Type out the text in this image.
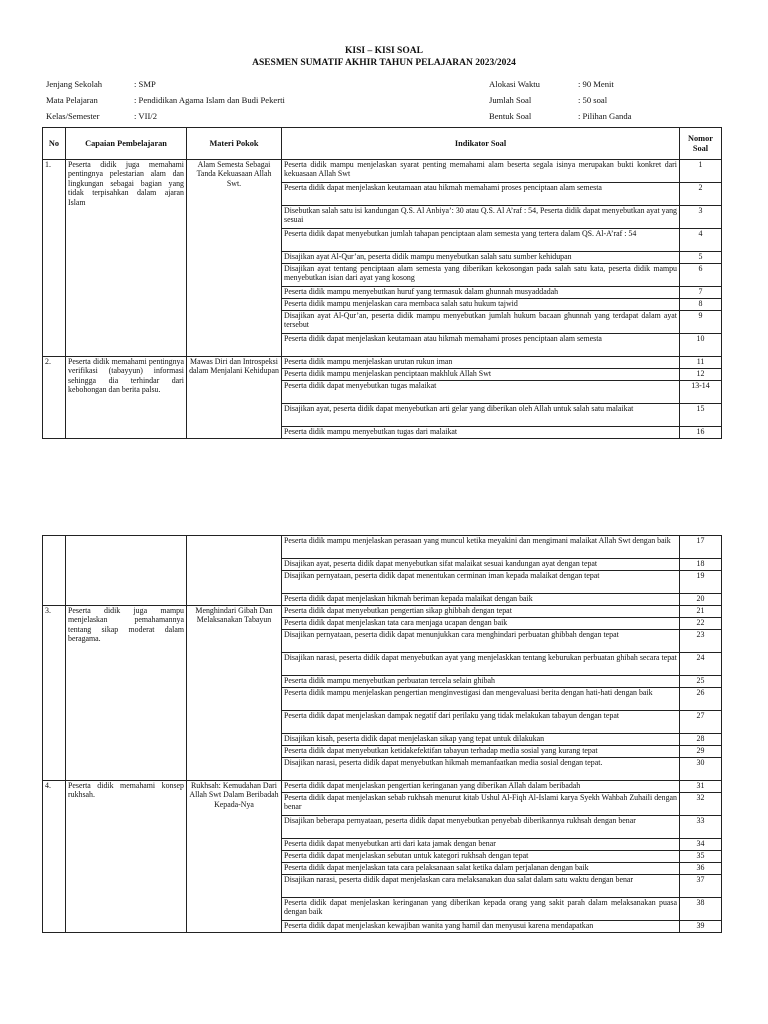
KISI – KISI SOAL
ASESMEN SUMATIF AKHIR TAHUN PELAJARAN 2023/2024
Jenjang Sekolah	: SMP
Mata Pelajaran	: Pendidikan Agama Islam dan Budi Pekerti
Kelas/Semester	: VII/2
Alokasi Waktu	: 90 Menit
Jumlah Soal	: 50 soal
Bentuk Soal	: Pilihan Ganda
No	Capaian Pembelajaran	Materi Pokok	Indikator Soal	Nomor Soal
1.	Peserta didik juga memahami pentingnya pelestarian alam dan lingkungan sebagai bagian yang tidak terpisahkan dalam ajaran Islam	Alam Semesta Sebagai Tanda Kekuasaan Allah Swt.	Peserta didik mampu menjelaskan syarat penting memahami alam beserta segala isinya merupakan bukti konkret dari kekuasaan Allah Swt	1
			Peserta didik dapat menjelaskan keutamaan atau hikmah memahami proses penciptaan alam semesta	2
			Disebutkan salah satu isi kandungan Q.S. Al Anbiya’: 30 atau Q.S. Al A’raf : 54, Peserta didik dapat menyebutkan ayat yang sesuai	3
			Peserta didik dapat menyebutkan jumlah tahapan penciptaan alam semesta yang tertera dalam QS. Al-A’raf : 54	4
			Disajikan ayat Al-Qur’an, peserta didik mampu menyebutkan salah satu sumber kehidupan	5
			Disajikan ayat tentang penciptaan alam semesta yang diberikan kekosongan pada salah satu kata, peserta didik mampu menyebutkan isian dari ayat yang kosong	6
			Peserta didik mampu menyebutkan huruf yang termasuk dalam ghunnah musyaddadah	7
			Peserta didik mampu menjelaskan cara membaca salah satu hukum tajwid	8
			Disajikan ayat Al-Qur’an, peserta didik mampu menyebutkan jumlah hukum bacaan ghunnah yang terdapat dalam ayat tersebut	9
			Peserta didik dapat menjelaskan keutamaan atau hikmah memahami proses penciptaan alam semesta	10
2.	Peserta didik memahami pentingnya verifikasi (tabayyun) informasi sehingga dia terhindar dari kebohongan dan berita palsu.	Mawas Diri dan Introspeksi dalam Menjalani Kehidupan	Peserta didik mampu menjelaskan urutan rukun iman	11
			Peserta didik mampu menjelaskan penciptaan makhluk Allah Swt	12
			Peserta didik dapat menyebutkan tugas malaikat	13-14
			Disajikan ayat, peserta didik dapat menyebutkan arti gelar yang diberikan oleh Allah untuk salah satu malaikat	15
			Peserta didik mampu menyebutkan tugas dari malaikat	16
			Peserta didik mampu menjelaskan perasaan yang muncul ketika meyakini dan mengimani malaikat Allah Swt dengan baik	17
			Disajikan ayat, peserta didik dapat menyebutkan sifat malaikat sesuai kandungan ayat dengan tepat	18
			Disajikan pernyataan, peserta didik dapat menentukan cerminan iman kepada malaikat dengan tepat	19
			Peserta didik dapat menjelaskan hikmah beriman kepada malaikat dengan baik	20
3.	Peserta didik juga mampu menjelaskan pemahamannya tentang sikap moderat dalam beragama.	Menghindari Gibah Dan Melaksanakan Tabayun	Peserta didik dapat menyebutkan pengertian sikap ghibbah dengan tepat	21
			Peserta didik dapat menjelaskan tata cara menjaga ucapan dengan baik	22
			Disajikan pernyataan, peserta didik dapat menunjukkan cara menghindari perbuatan ghibbah dengan tepat	23
			Disajikan narasi, peserta didik dapat menyebutkan ayat yang menjelaskkan tentang keburukan perbuatan ghibah secara tepat	24
			Peserta didik mampu menyebutkan perbuatan tercela selain ghibah	25
			Peserta didik mampu menjelaskan pengertian menginvestigasi dan mengevaluasi berita dengan hati-hati dengan baik	26
			Peserta didik dapat menjelaskan dampak negatif dari perilaku yang tidak melakukan tabayun dengan tepat	27
			Disajikan kisah, peserta didik dapat menjelaskan sikap yang tepat untuk dilakukan	28
			Peserta didik dapat menyebutkan ketidakefektifan tabayun terhadap media sosial yang kurang tepat	29
			Disajikan narasi, peserta didik dapat menyebutkan hikmah memanfaatkan media sosial dengan tepat.	30
4.	Peserta didik memahami konsep rukhsah.	Rukhsah: Kemudahan Dari Allah Swt Dalam Beribadah Kepada-Nya	Peserta didik dapat menjelaskan pengertian keringanan yang diberikan Allah dalam beribadah	31
			Peserta didik dapat menjelaskan sebab rukhsah menurut kitab Ushul Al-Fiqh Al-Islami karya Syekh Wahbah Zuhaili dengan benar	32
			Disajikan beberapa pernyataan, peserta didik dapat menyebutkan penyebab diberikannya rukhsah dengan benar	33
			Peserta didik dapat menyebutkan arti dari kata jamak dengan benar	34
			Peserta didik dapat menjelaskan sebutan untuk kategori rukhsah dengan tepat	35
			Peserta didik dapat menjelaskan tata cara pelaksanaan salat ketika dalam perjalanan dengan baik	36
			Disajikan narasi, peserta didik dapat menjelaskan cara melaksanakan dua salat dalam satu waktu dengan benar	37
			Peserta didik dapat menjelaskan keringanan yang diberikan kepada orang yang sakit parah dalam melaksanakan puasa dengan baik	38
			Peserta didik dapat menjelaskan kewajiban wanita yang hamil dan menyusui karena mendapatkan	39
